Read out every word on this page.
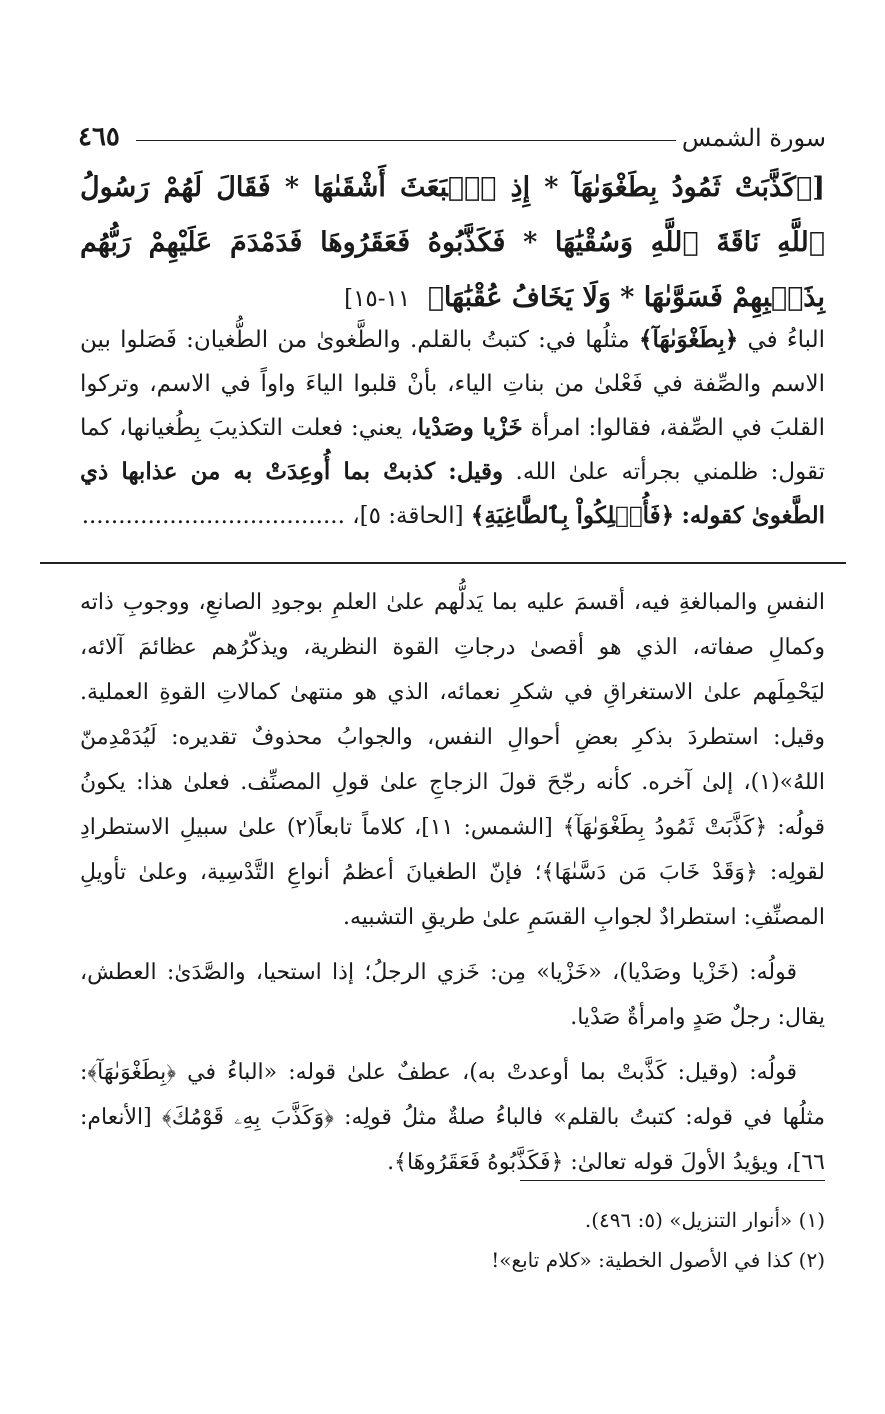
سورة الشمس
٤٦٥
[﴿كَذَّبَتْ ثَمُودُ بِطَغْوَىٰهَآ * إِذِ ٱنۢبَعَثَ أَشْقَىٰهَا * فَقَالَ لَهُمْ رَسُولُ ٱللَّهِ نَاقَةَ ٱللَّهِ وَسُقْيَٰهَا * فَكَذَّبُوهُ فَعَقَرُوهَا فَدَمْدَمَ عَلَيْهِمْ رَبُّهُم بِذَنۢبِهِمْ فَسَوَّىٰهَا * وَلَا يَخَافُ عُقْبَٰهَا﴾ ١١-١٥]
الباءُ في ﴿بِطَغْوَىٰهَآ﴾ مثلُها في: كتبتُ بالقلم. والطَّغوىٰ من الطُّغيان: فَصَلوا بين الاسم والصِّفة في فَعْلىٰ من بناتِ الياء، بأنْ قلبوا الياءَ واواً في الاسم، وتركوا القلبَ في الصِّفة، فقالوا: امرأة خَزْيا وصَدْيا، يعني: فعلت التكذيبَ بِطُغيانها، كما تقول: ظلمني بجرأته علىٰ الله. وقيل: كذبتْ بما أُوعِدَتْ به من عذابها ذي الطَّغوىٰ كقوله: ﴿فَأُهۡلِكُواْ بِٱلطَّاغِيَةِ﴾ [الحاقة: ٥]، ....................................

النفسِ والمبالغةِ فيه، أقسمَ عليه بما يَدلُّهم علىٰ العلمِ بوجودِ الصانعِ، ووجوبِ ذاته وكمالِ صفاته، الذي هو أقصىٰ درجاتِ القوة النظرية، ويذكّرُهم عظائمَ آلائه، ليَحْمِلَهم علىٰ الاستغراقِ في شكرِ نعمائه، الذي هو منتهىٰ كمالاتِ القوةِ العملية. وقيل: استطردَ بذكرِ بعضِ أحوالِ النفس، والجوابُ محذوفٌ تقديره: لَيُدَمْدِمنّ اللهُ»(١)، إلىٰ آخره. كأنه رجّحَ قولَ الزجاجِ علىٰ قولِ المصنِّف. فعلىٰ هذا: يكونُ قولُه: ﴿كَذَّبَتْ ثَمُودُ بِطَغْوَىٰهَآ﴾ [الشمس: ١١]، كلاماً تابعاً(٢) علىٰ سبيلِ الاستطرادِ لقولِه: ﴿وَقَدْ خَابَ مَن دَسَّىٰهَا﴾؛ فإنّ الطغيانَ أعظمُ أنواعِ التَّدْسِية، وعلىٰ تأويلِ المصنِّفِ: استطرادٌ لجوابِ القسَمِ علىٰ طريقِ التشبيه.

قولُه: (خَزْيا وصَدْيا)، «خَزْيا» مِن: خَزي الرجلُ؛ إذا استحيا، والصَّدَىٰ: العطش، يقال: رجلٌ صَدٍ وامرأةٌ صَدْيا.

قولُه: (وقيل: كَذَّبتْ بما أوعدتْ به)، عطفٌ علىٰ قوله: «الباءُ في ﴿بِطَغْوَىٰهَآ﴾: مثلُها في قوله: كتبتُ بالقلم» فالباءُ صلةٌ مثلُ قولِه: ﴿وَكَذَّبَ بِهِۦ قَوْمُكَ﴾ [الأنعام: ٦٦]، ويؤيدُ الأولَ قوله تعالىٰ: ﴿فَكَذَّبُوهُ فَعَقَرُوهَا﴾.

(١) «أنوار التنزيل» (٥: ٤٩٦).
(٢) كذا في الأصول الخطية: «كلام تابع»!
